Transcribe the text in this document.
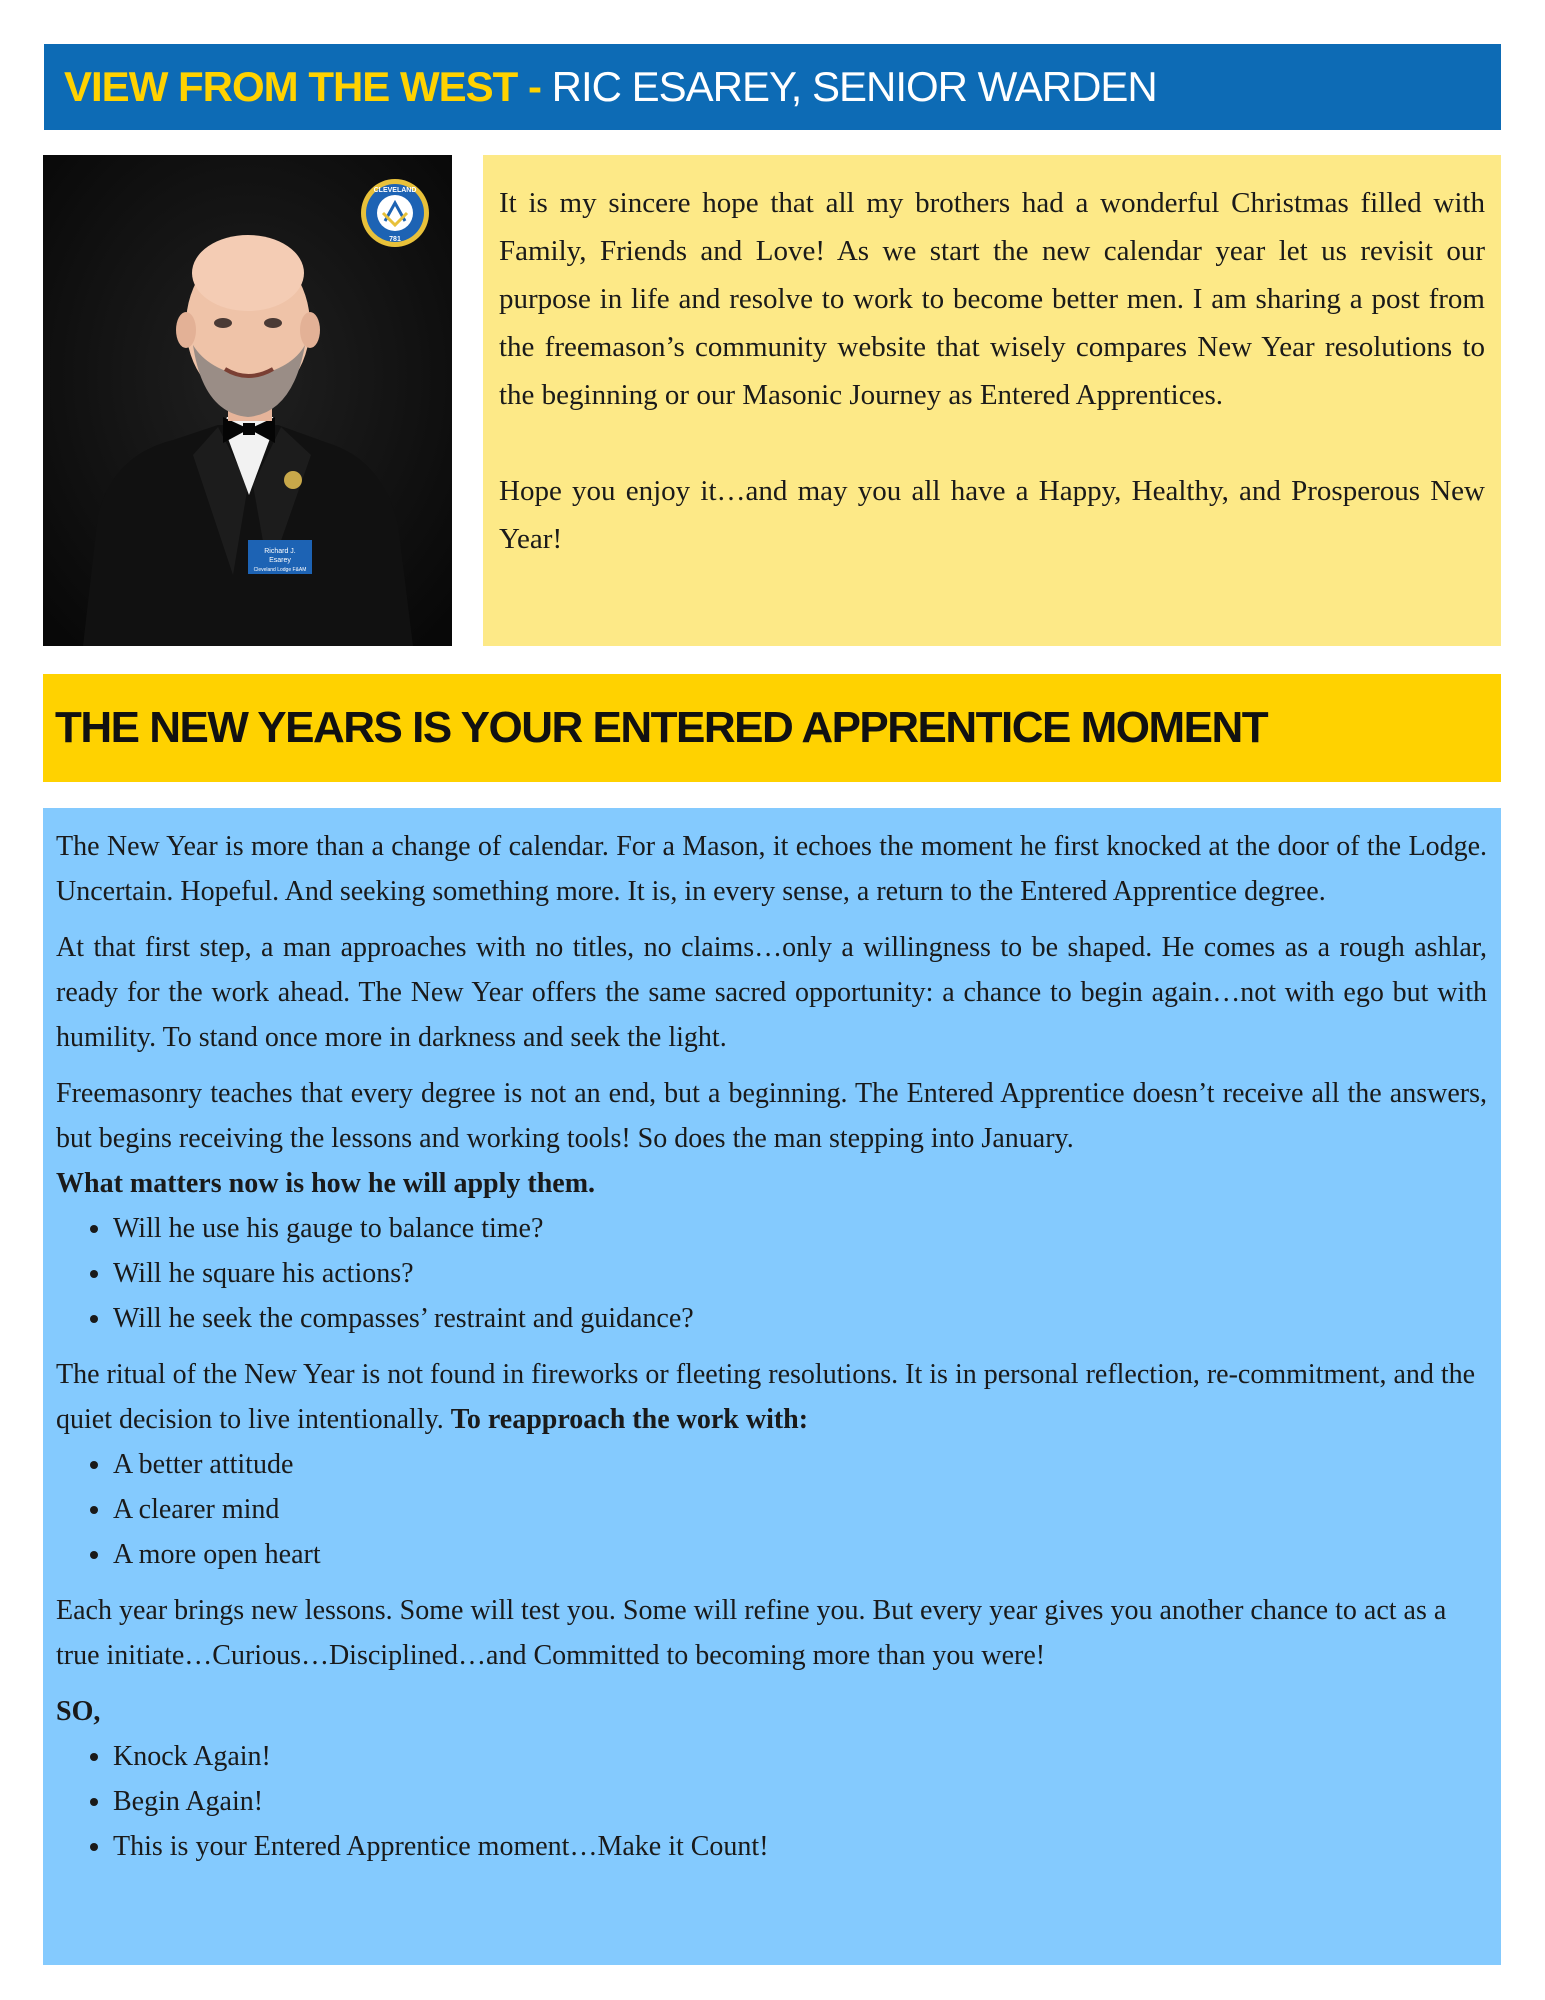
VIEW FROM THE WEST - RIC ESAREY, SENIOR WARDEN
Richard J.
Esarey
Cleveland Lodge F&AM
CLEVELAND
781

It is my sincere hope that all my brothers had a wonderful Christmas filled with Family, Friends and Love! As we start the new calendar year let us revisit our purpose in life and resolve to work to become better men. I am sharing a post from the freemason’s community website that wisely compares New Year resolutions to the beginning or our Masonic Journey as Entered Apprentices.

Hope you enjoy it…and may you all have a Happy, Healthy, and Prosperous New Year!

THE NEW YEARS IS YOUR ENTERED APPRENTICE MOMENT

The New Year is more than a change of calendar. For a Mason, it echoes the moment he first knocked at the door of the Lodge. Uncertain. Hopeful. And seeking something more. It is, in every sense, a return to the Entered Apprentice degree.

At that first step, a man approaches with no titles, no claims…only a willingness to be shaped. He comes as a rough ashlar, ready for the work ahead. The New Year offers the same sacred opportunity: a chance to begin again…not with ego but with humility. To stand once more in darkness and seek the light.

Freemasonry teaches that every degree is not an end, but a beginning. The Entered Apprentice doesn’t receive all the answers, but begins receiving the lessons and working tools! So does the man stepping into January.

What matters now is how he will apply them.

• Will he use his gauge to balance time?
• Will he square his actions?
• Will he seek the compasses’ restraint and guidance?

The ritual of the New Year is not found in fireworks or fleeting resolutions. It is in personal reflection, re-commitment, and the quiet decision to live intentionally. To reapproach the work with:

• A better attitude
• A clearer mind
• A more open heart

Each year brings new lessons. Some will test you. Some will refine you. But every year gives you another chance to act as a true initiate…Curious…Disciplined…and Committed to becoming more than you were!

SO,

• Knock Again!
• Begin Again!
• This is your Entered Apprentice moment…Make it Count!
